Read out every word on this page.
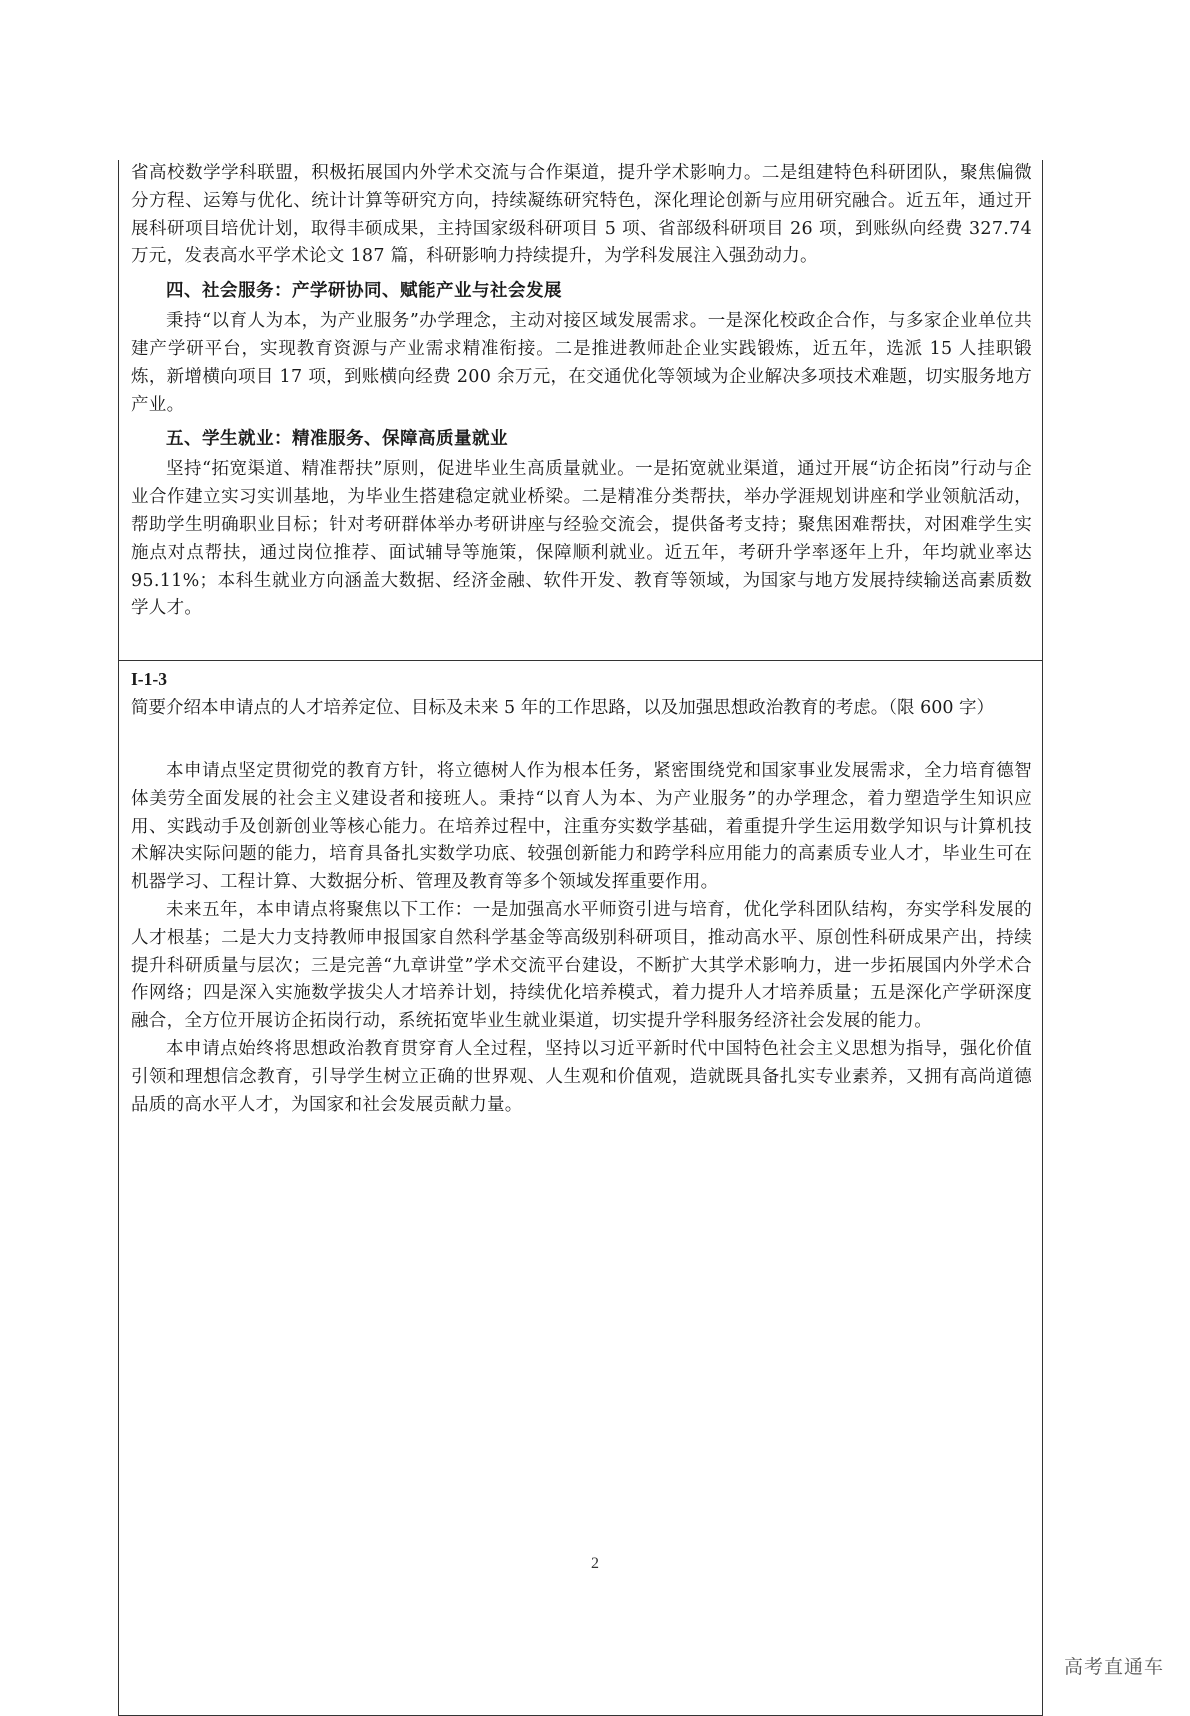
省高校数学学科联盟，积极拓展国内外学术交流与合作渠道，提升学术影响力。二是组建特色科研团队，聚焦偏微分方程、运筹与优化、统计计算等研究方向，持续凝练研究特色，深化理论创新与应用研究融合。近五年，通过开展科研项目培优计划，取得丰硕成果，主持国家级科研项目 5 项、省部级科研项目 26 项，到账纵向经费 327.74 万元，发表高水平学术论文 187 篇，科研影响力持续提升，为学科发展注入强劲动力。

四、社会服务：产学研协同、赋能产业与社会发展

秉持“以育人为本，为产业服务”办学理念，主动对接区域发展需求。一是深化校政企合作，与多家企业单位共建产学研平台，实现教育资源与产业需求精准衔接。二是推进教师赴企业实践锻炼，近五年，选派 15 人挂职锻炼，新增横向项目 17 项，到账横向经费 200 余万元，在交通优化等领域为企业解决多项技术难题，切实服务地方产业。

五、学生就业：精准服务、保障高质量就业

坚持“拓宽渠道、精准帮扶”原则，促进毕业生高质量就业。一是拓宽就业渠道，通过开展“访企拓岗”行动与企业合作建立实习实训基地，为毕业生搭建稳定就业桥梁。二是精准分类帮扶，举办学涯规划讲座和学业领航活动，帮助学生明确职业目标；针对考研群体举办考研讲座与经验交流会，提供备考支持；聚焦困难帮扶，对困难学生实施点对点帮扶，通过岗位推荐、面试辅导等施策，保障顺利就业。近五年，考研升学率逐年上升，年均就业率达 95.11%；本科生就业方向涵盖大数据、经济金融、软件开发、教育等领域，为国家与地方发展持续输送高素质数学人才。

I-1-3 简要介绍本申请点的人才培养定位、目标及未来 5 年的工作思路，以及加强思想政治教育的考虑。（限 600 字）

本申请点坚定贯彻党的教育方针，将立德树人作为根本任务，紧密围绕党和国家事业发展需求，全力培育德智体美劳全面发展的社会主义建设者和接班人。秉持“以育人为本、为产业服务”的办学理念，着力塑造学生知识应用、实践动手及创新创业等核心能力。在培养过程中，注重夯实数学基础，着重提升学生运用数学知识与计算机技术解决实际问题的能力，培育具备扎实数学功底、较强创新能力和跨学科应用能力的高素质专业人才，毕业生可在机器学习、工程计算、大数据分析、管理及教育等多个领域发挥重要作用。

未来五年，本申请点将聚焦以下工作：一是加强高水平师资引进与培育，优化学科团队结构，夯实学科发展的人才根基；二是大力支持教师申报国家自然科学基金等高级别科研项目，推动高水平、原创性科研成果产出，持续提升科研质量与层次；三是完善“九章讲堂”学术交流平台建设，不断扩大其学术影响力，进一步拓展国内外学术合作网络；四是深入实施数学拔尖人才培养计划，持续优化培养模式，着力提升人才培养质量；五是深化产学研深度融合，全方位开展访企拓岗行动，系统拓宽毕业生就业渠道，切实提升学科服务经济社会发展的能力。

本申请点始终将思想政治教育贯穿育人全过程，坚持以习近平新时代中国特色社会主义思想为指导，强化价值引领和理想信念教育，引导学生树立正确的世界观、人生观和价值观，造就既具备扎实专业素养，又拥有高尚道德品质的高水平人才，为国家和社会发展贡献力量。

2
高考直通车
